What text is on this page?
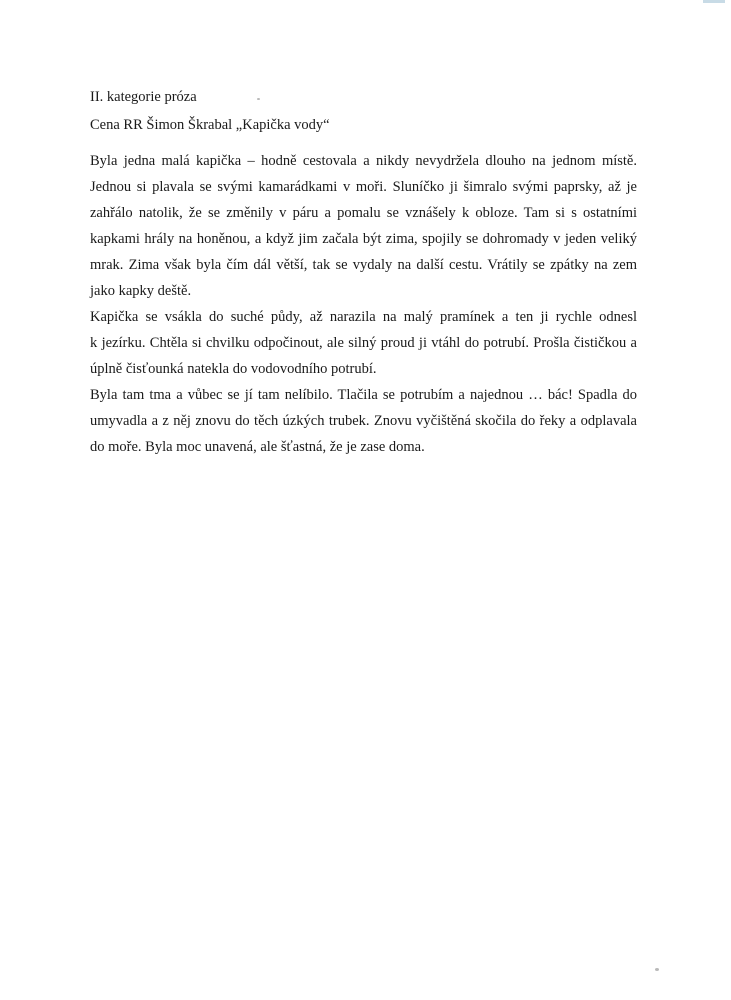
II. kategorie próza

Cena RR Šimon Škrabal „Kapička vody“

Byla jedna malá kapička – hodně cestovala a nikdy nevydržela dlouho na jednom místě.
Jednou si plavala se svými kamarádkami v moři. Sluníčko ji šimralo svými paprsky, až je
zahřálo natolik, že se změnily v páru a pomalu se vznášely k obloze. Tam si s ostatními
kapkami hrály na honěnou, a když jim začala být zima, spojily se dohromady v jeden veliký
mrak. Zima však byla čím dál větší, tak se vydaly na další cestu. Vrátily se zpátky na zem
jako kapky deště.
Kapička se vsákla do suché půdy, až narazila na malý pramínek a ten ji rychle odnesl
k jezírku. Chtěla si chvilku odpočinout, ale silný proud ji vtáhl do potrubí. Prošla čističkou a
úplně čisťounká natekla do vodovodního potrubí.
Byla tam tma a vůbec se jí tam nelíbilo. Tlačila se potrubím a najednou … bác! Spadla do
umyvadla a z něj znovu do těch úzkých trubek. Znovu vyčištěná skočila do řeky a odplavala
do moře. Byla moc unavená, ale šťastná, že je zase doma.
